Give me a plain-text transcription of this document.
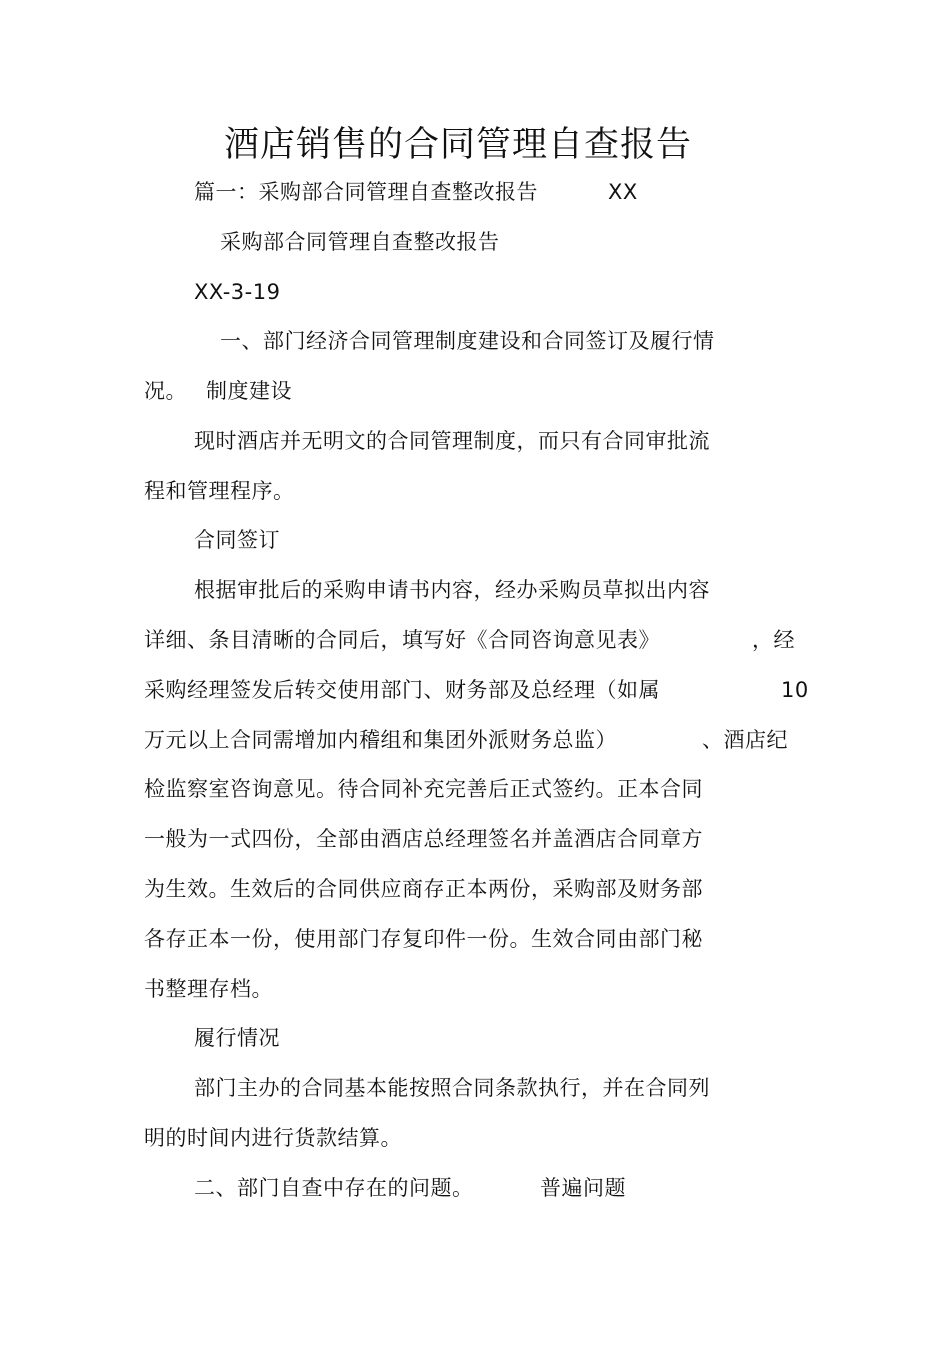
酒店销售的合同管理自查报告
篇一：采购部合同管理自查整改报告	XX
采购部合同管理自查整改报告
XX-3-19
一、部门经济合同管理制度建设和合同签订及履行情
况。 制度建设
现时酒店并无明文的合同管理制度，而只有合同审批流
程和管理程序。
合同签订
根据审批后的采购申请书内容，经办采购员草拟出内容
详细、条目清晰的合同后，填写好《合同咨询意见表》	，经
采购经理签发后转交使用部门、财务部及总经理（如属	10
万元以上合同需增加内稽组和集团外派财务总监）	、酒店纪
检监察室咨询意见。待合同补充完善后正式签约。正本合同
一般为一式四份，全部由酒店总经理签名并盖酒店合同章方
为生效。生效后的合同供应商存正本两份，采购部及财务部
各存正本一份，使用部门存复印件一份。生效合同由部门秘
书整理存档。
履行情况
部门主办的合同基本能按照合同条款执行，并在合同列
明的时间内进行货款结算。
二、部门自查中存在的问题。	普遍问题
